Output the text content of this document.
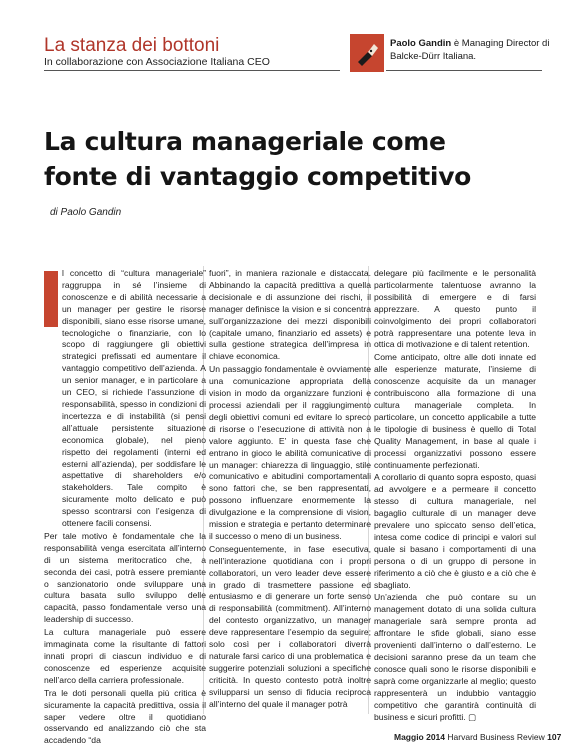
La stanza dei bottoni
In collaborazione con Associazione Italiana CEO
Paolo Gandin è Managing Director di Balcke-Dürr Italiana.
La cultura manageriale come
fonte di vantaggio competitivo
di Paolo Gandin

l concetto di “cultura manageriale” raggruppa in sé l’insieme di conoscenze e di abilità necessarie a un manager per gestire le risorse disponibili, siano esse risorse umane, tecnologiche o finanziarie, con lo scopo di raggiungere gli obiettivi strategici prefissati ed aumentare il vantaggio competitivo dell’azienda. A un senior manager, e in particolare a un CEO, si richiede l’assunzione di responsabilità, spesso in condizioni di incertezza e di instabilità (si pensi all’attuale persistente situazione economica globale), nel pieno rispetto dei regolamenti (interni ed esterni all’azienda), per soddisfare le aspettative di shareholders e/o stakeholders. Tale compito è sicuramente molto delicato e può spesso scontrarsi con l’esigenza di ottenere facili consensi.

Per tale motivo è fondamentale che la responsabilità venga esercitata all’interno di un sistema meritocratico che, a seconda dei casi, potrà essere premiante o sanzionatorio onde sviluppare una cultura basata sullo sviluppo delle capacità, passo fondamentale verso una leadership di successo.

La cultura manageriale può essere immaginata come la risultante di fattori innati propri di ciascun individuo e di conoscenze ed esperienze acquisite nell’arco della carriera professionale.

Tra le doti personali quella più critica è sicuramente la capacità predittiva, ossia il saper vedere oltre il quotidiano osservando ed analizzando ciò che sta accadendo “da

fuori”, in maniera razionale e distaccata. Abbinando la capacità predittiva a quella decisionale e di assunzione dei rischi, il manager definisce la vision e si concentra sull’organizzazione dei mezzi disponibili (capitale umano, finanziario ed assets) e sulla gestione strategica dell’impresa in chiave economica.

Un passaggio fondamentale è ovviamente una comunicazione appropriata della vision in modo da organizzare funzioni e processi aziendali per il raggiungimento degli obiettivi comuni ed evitare lo spreco di risorse o l’esecuzione di attività non a valore aggiunto. E’ in questa fase che entrano in gioco le abilità comunicative di un manager: chiarezza di linguaggio, stile comunicativo e abitudini comportamentali sono fattori che, se ben rappresentati, possono influenzare enormemente la divulgazione e la comprensione di vision, mission e strategia e pertanto determinare il successo o meno di un business.

Conseguentemente, in fase esecutiva, nell’interazione quotidiana con i propri collaboratori, un vero leader deve essere in grado di trasmettere passione ed entusiasmo e di generare un forte senso di responsabilità (commitment). All’interno del contesto organizzativo, un manager deve rappresentare l’esempio da seguire; solo così per i collaboratori diverrà naturale farsi carico di una problematica e suggerire potenziali soluzioni a specifiche criticità. In questo contesto potrà inoltre svilupparsi un senso di fiducia reciproca all’interno del quale il manager potrà

delegare più facilmente e le personalità particolarmente talentuose avranno la possibilità di emergere e di farsi apprezzare. A questo punto il coinvolgimento dei propri collaboratori potrà rappresentare una potente leva in ottica di motivazione e di talent retention.

Come anticipato, oltre alle doti innate ed alle esperienze maturate, l’insieme di conoscenze acquisite da un manager contribuiscono alla formazione di una cultura manageriale completa. In particolare, un concetto applicabile a tutte le tipologie di business è quello di Total Quality Management, in base al quale i processi organizzativi possono essere continuamente perfezionati.

A corollario di quanto sopra esposto, quasi ad avvolgere e a permeare il concetto stesso di cultura manageriale, nel bagaglio culturale di un manager deve prevalere uno spiccato senso dell’etica, intesa come codice di principi e valori sul quale si basano i comportamenti di una persona o di un gruppo di persone in riferimento a ciò che è giusto e a ciò che è sbagliato.

Un’azienda che può contare su un management dotato di una solida cultura manageriale sarà sempre pronta ad affrontare le sfide globali, siano esse provenienti dall’interno o dall’esterno. Le decisioni saranno prese da un team che conosce quali sono le risorse disponibili e saprà come organizzarle al meglio; questo rappresenterà un indubbio vantaggio competitivo che garantirà continuità di business e sicuri profitti. ▢

Maggio 2014 Harvard Business Review 107
